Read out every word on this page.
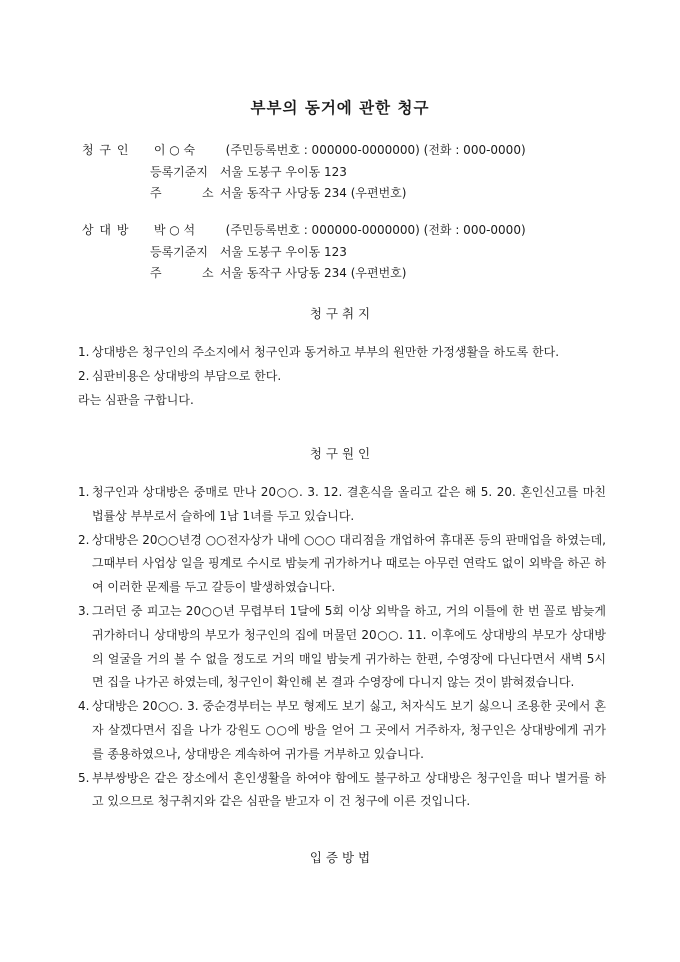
부부의 동거에 관한 청구
청 구 인 이 ○ 숙	(주민등록번호 : 000000-0000000) (전화 : 000-0000)
등록기준지 서울 도봉구 우이동 123
주	소 서울 동작구 사당동 234 (우편번호)
상 대 방 박 ○ 석	(주민등록번호 : 000000-0000000) (전화 : 000-0000)
등록기준지 서울 도봉구 우이동 123
주	소 서울 동작구 사당동 234 (우편번호)
청 구 취 지
1. 상대방은 청구인의 주소지에서 청구인과 동거하고 부부의 원만한 가정생활을 하도록 한다.
2. 심판비용은 상대방의 부담으로 한다.
라는 심판을 구합니다.
청 구 원 인
1. 청구인과 상대방은 중매로 만나 20○○. 3. 12. 결혼식을 올리고 같은 해 5. 20. 혼인신고를 마친 법률상 부부로서 슬하에 1남 1녀를 두고 있습니다.
2. 상대방은 20○○년경 ○○전자상가 내에 ○○○ 대리점을 개업하여 휴대폰 등의 판매업을 하였는데, 그때부터 사업상 일을 핑계로 수시로 밤늦게 귀가하거나 때로는 아무런 연락도 없이 외박을 하곤 하여 이러한 문제를 두고 갈등이 발생하였습니다.
3. 그러던 중 피고는 20○○년 무렵부터 1달에 5회 이상 외박을 하고, 거의 이틀에 한 번 꼴로 밤늦게 귀가하더니 상대방의 부모가 청구인의 집에 머물던 20○○. 11. 이후에도 상대방의 부모가 상대방의 얼굴을 거의 볼 수 없을 정도로 거의 매일 밤늦게 귀가하는 한편, 수영장에 다닌다면서 새벽 5시면 집을 나가곤 하였는데, 청구인이 확인해 본 결과 수영장에 다니지 않는 것이 밝혀졌습니다.
4. 상대방은 20○○. 3. 중순경부터는 부모 형제도 보기 싫고, 처자식도 보기 싫으니 조용한 곳에서 혼자 살겠다면서 집을 나가 강원도 ○○에 방을 얻어 그 곳에서 거주하자, 청구인은 상대방에게 귀가를 종용하였으나, 상대방은 계속하여 귀가를 거부하고 있습니다.
5. 부부쌍방은 같은 장소에서 혼인생활을 하여야 함에도 불구하고 상대방은 청구인을 떠나 별거를 하고 있으므로 청구취지와 같은 심판을 받고자 이 건 청구에 이른 것입니다.
입 증 방 법
